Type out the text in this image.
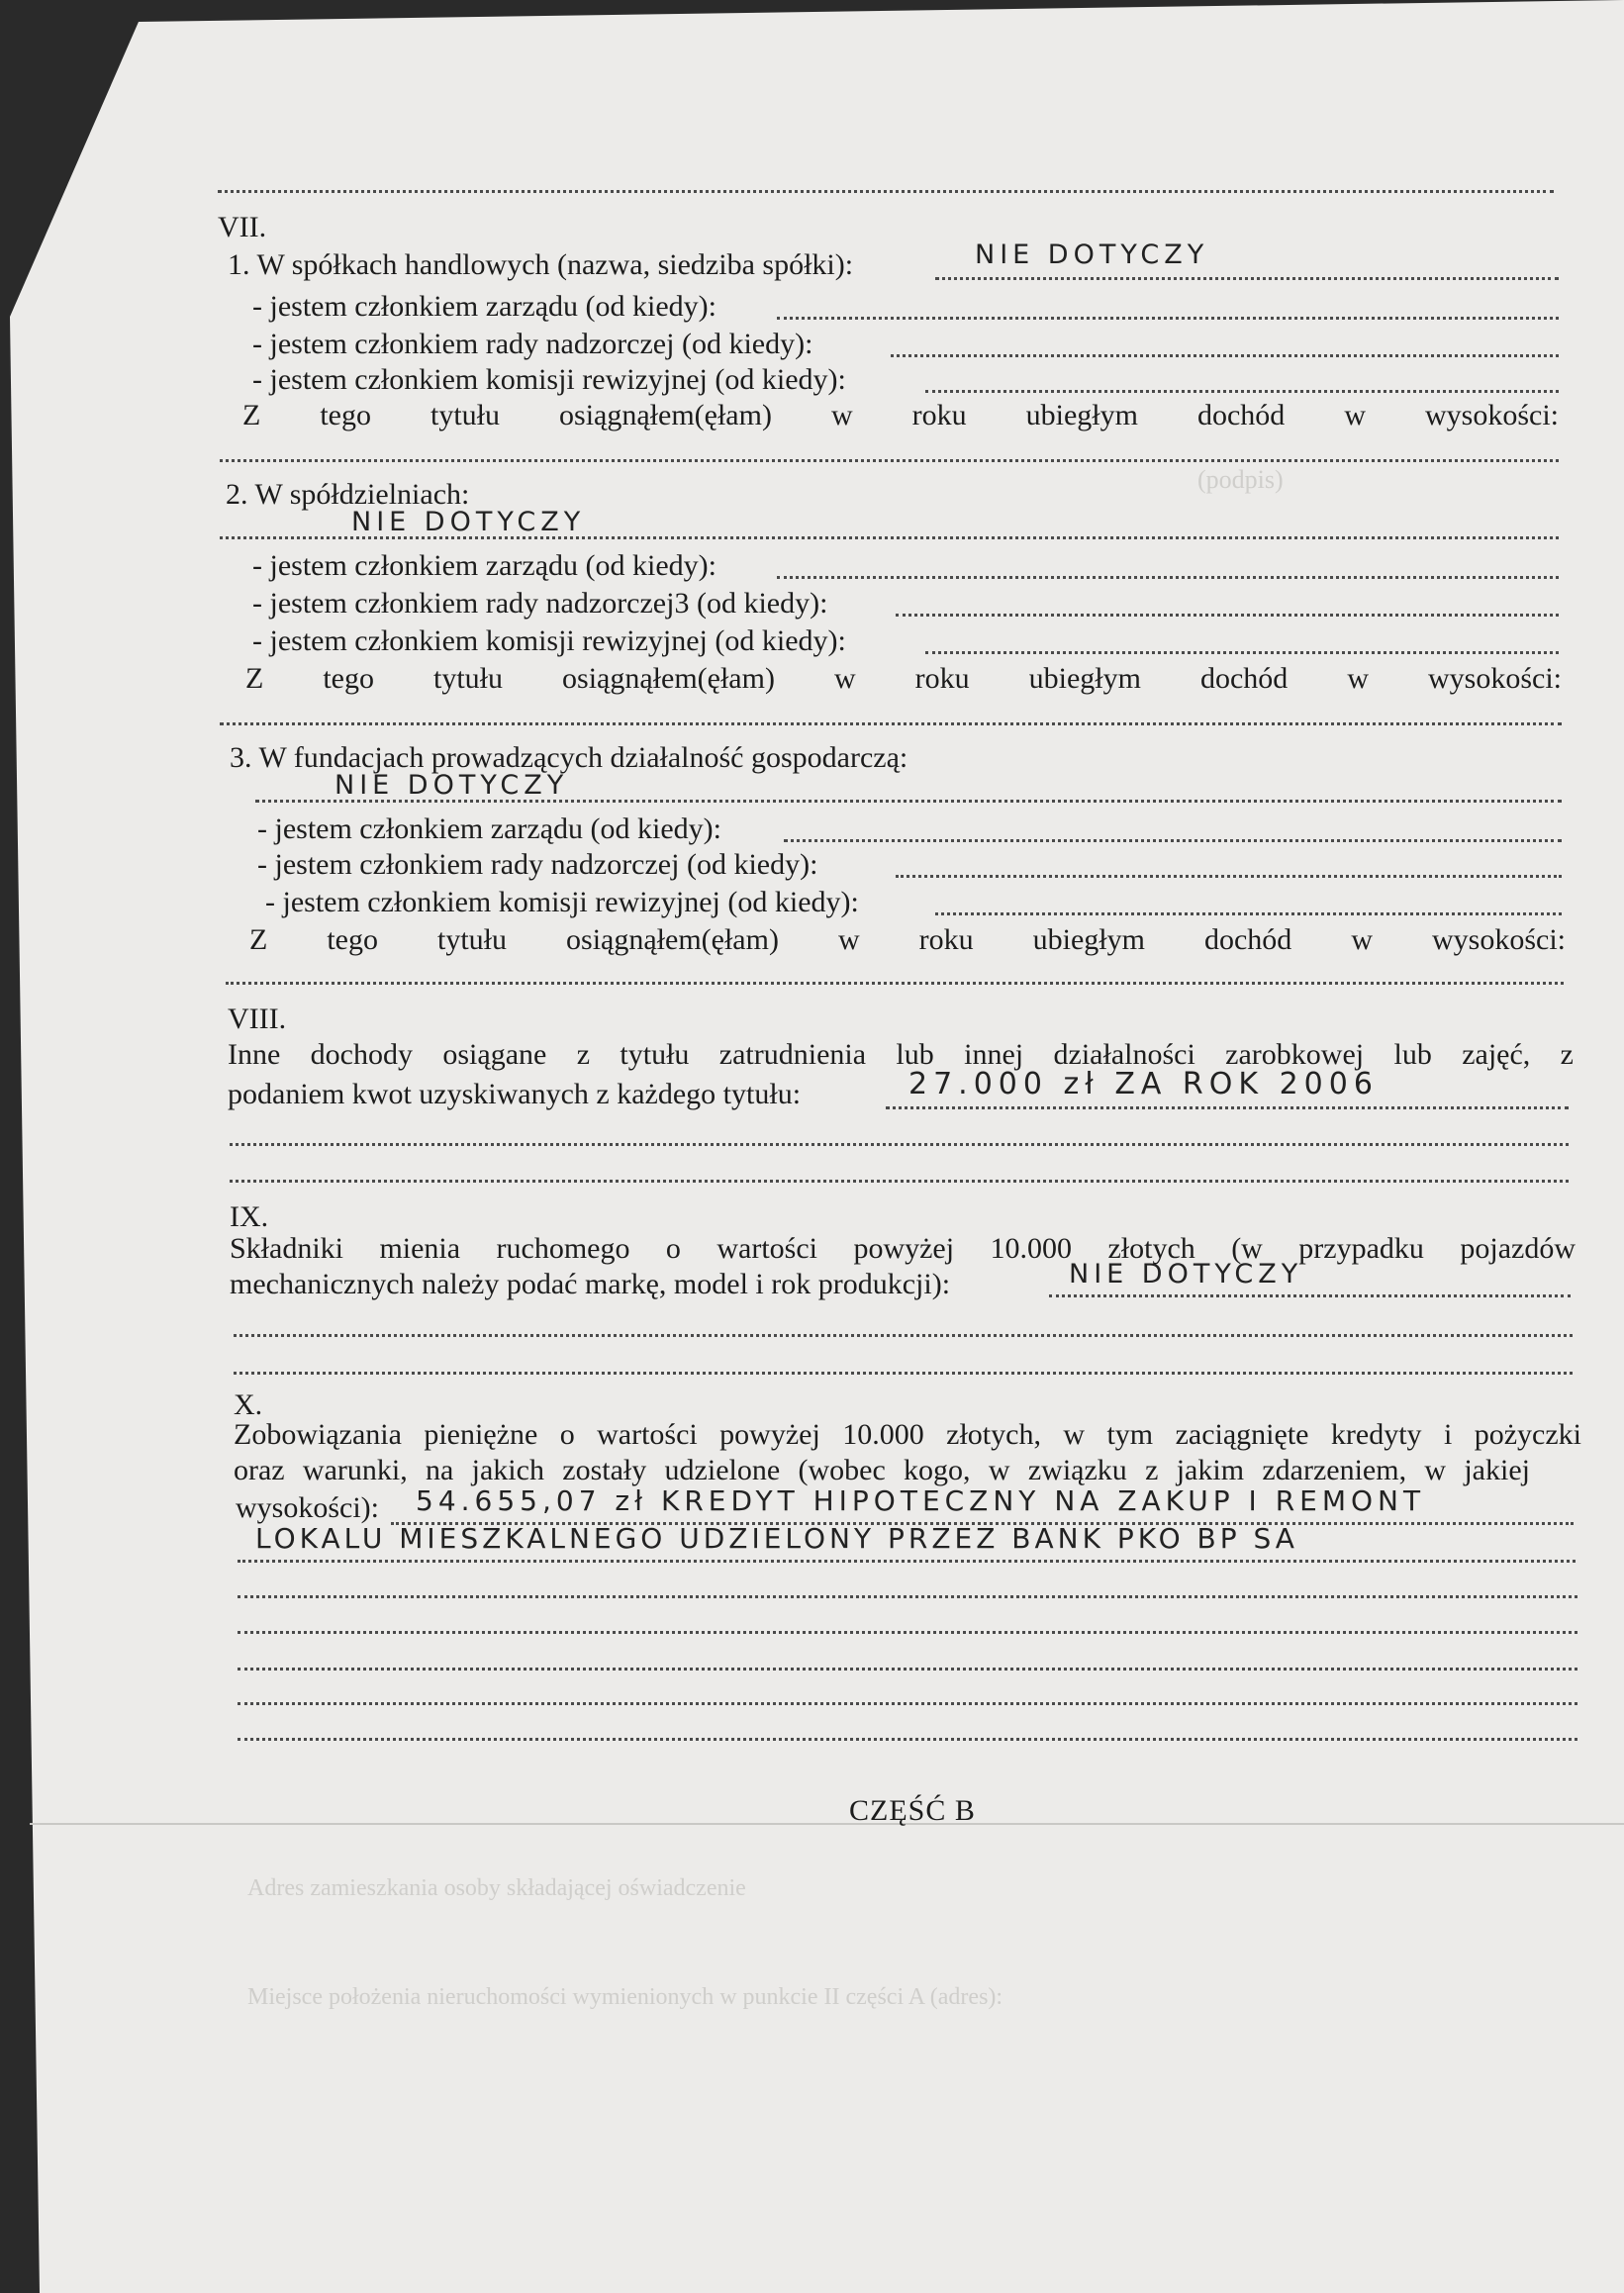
(podpis)
Adres zamieszkania osoby składającej oświadczenie
Miejsce położenia nieruchomości wymienionych w punkcie II części A (adres):
VII.
1. W spółkach handlowych (nazwa, siedziba spółki):	NIE DOTYCZY
- jestem członkiem zarządu (od kiedy):
- jestem członkiem rady nadzorczej (od kiedy):
- jestem członkiem komisji rewizyjnej (od kiedy):
Z tego tytułu osiągnąłem(ęłam) w roku ubiegłym dochód w wysokości:
2. W spółdzielniach:
NIE DOTYCZY
- jestem członkiem zarządu (od kiedy):
- jestem członkiem rady nadzorczej3 (od kiedy):
- jestem członkiem komisji rewizyjnej (od kiedy):
Z tego tytułu osiągnąłem(ęłam) w roku ubiegłym dochód w wysokości:
3. W fundacjach prowadzących działalność gospodarczą:
NIE DOTYCZY
- jestem członkiem zarządu (od kiedy):
- jestem członkiem rady nadzorczej (od kiedy):
- jestem członkiem komisji rewizyjnej (od kiedy):
Z tego tytułu osiągnąłem(ęłam) w roku ubiegłym dochód w wysokości:
VIII.
Inne dochody osiągane z tytułu zatrudnienia lub innej działalności zarobkowej lub zajęć, z
podaniem kwot uzyskiwanych z każdego tytułu:	27.000 zł ZA ROK 2006
IX.
Składniki mienia ruchomego o wartości powyżej 10.000 złotych (w przypadku pojazdów
mechanicznych należy podać markę, model i rok produkcji):	NIE DOTYCZY
X.
Zobowiązania pieniężne o wartości powyżej 10.000 złotych, w tym zaciągnięte kredyty i pożyczki
oraz warunki, na jakich zostały udzielone (wobec kogo, w związku z jakim zdarzeniem, w jakiej
wysokości): 54.655,07 zł KREDYT HIPOTECZNY NA ZAKUP I REMONT
LOKALU MIESZKALNEGO UDZIELONY PRZEZ BANK PKO BP SA
CZĘŚĆ B
